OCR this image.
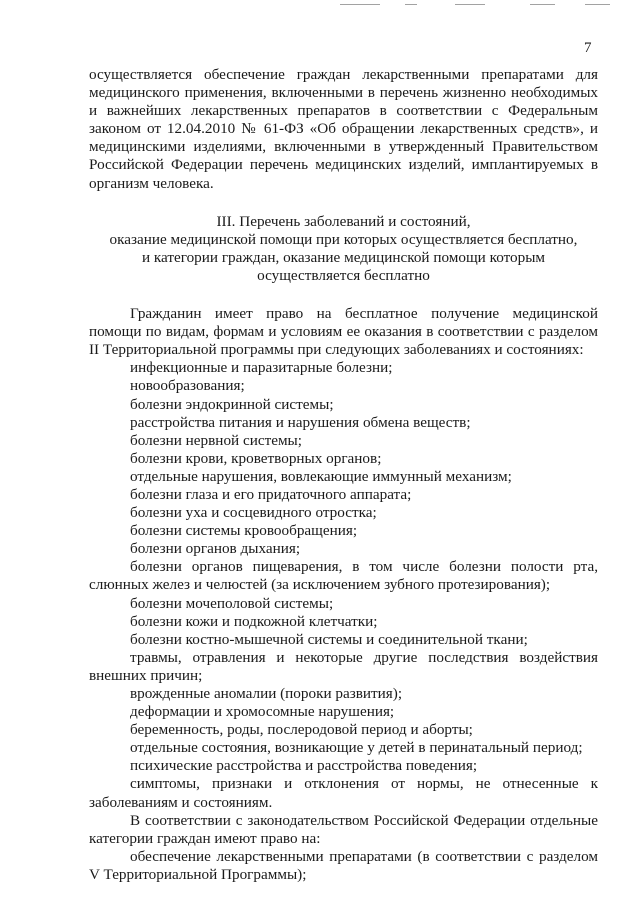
7
осуществляется обеспечение граждан лекарственными препаратами для
медицинского применения, включенными в перечень жизненно необходимых
и важнейших лекарственных препаратов в соответствии с Федеральным
законом от 12.04.2010 № 61-ФЗ «Об обращении лекарственных средств», и
медицинскими изделиями, включенными в утвержденный Правительством
Российской Федерации перечень медицинских изделий, имплантируемых в
организм человека.
III. Перечень заболеваний и состояний,
оказание медицинской помощи при которых осуществляется бесплатно,
и категории граждан, оказание медицинской помощи которым
осуществляется бесплатно
Гражданин имеет право на бесплатное получение медицинской
помощи по видам, формам и условиям ее оказания в соответствии с разделом
II Территориальной программы при следующих заболеваниях и состояниях:
инфекционные и паразитарные болезни;
новообразования;
болезни эндокринной системы;
расстройства питания и нарушения обмена веществ;
болезни нервной системы;
болезни крови, кроветворных органов;
отдельные нарушения, вовлекающие иммунный механизм;
болезни глаза и его придаточного аппарата;
болезни уха и сосцевидного отростка;
болезни системы кровообращения;
болезни органов дыхания;
болезни органов пищеварения, в том числе болезни полости рта,
слюнных желез и челюстей (за исключением зубного протезирования);
болезни мочеполовой системы;
болезни кожи и подкожной клетчатки;
болезни костно-мышечной системы и соединительной ткани;
травмы, отравления и некоторые другие последствия воздействия
внешних причин;
врожденные аномалии (пороки развития);
деформации и хромосомные нарушения;
беременность, роды, послеродовой период и аборты;
отдельные состояния, возникающие у детей в перинатальный период;
психические расстройства и расстройства поведения;
симптомы, признаки и отклонения от нормы, не отнесенные к
заболеваниям и состояниям.
В соответствии с законодательством Российской Федерации отдельные
категории граждан имеют право на:
обеспечение лекарственными препаратами (в соответствии с разделом
V Территориальной Программы);
